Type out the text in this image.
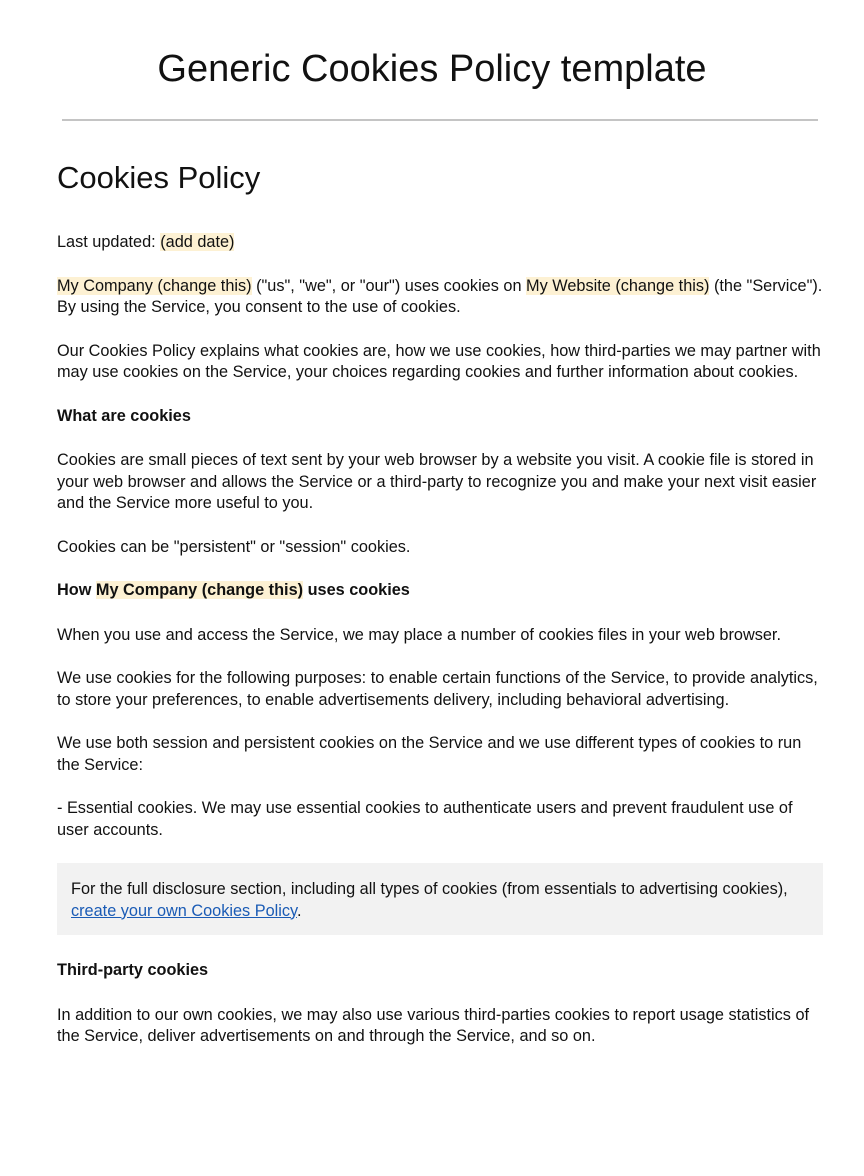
Generic Cookies Policy template
Cookies Policy

Last updated: (add date)

My Company (change this) ("us", "we", or "our") uses cookies on My Website (change this) (the "Service"). By using the Service, you consent to the use of cookies.

Our Cookies Policy explains what cookies are, how we use cookies, how third-parties we may partner with may use cookies on the Service, your choices regarding cookies and further information about cookies.

What are cookies

Cookies are small pieces of text sent by your web browser by a website you visit. A cookie file is stored in your web browser and allows the Service or a third-party to recognize you and make your next visit easier and the Service more useful to you.

Cookies can be "persistent" or "session" cookies.

How My Company (change this) uses cookies

When you use and access the Service, we may place a number of cookies files in your web browser.

We use cookies for the following purposes: to enable certain functions of the Service, to provide analytics, to store your preferences, to enable advertisements delivery, including behavioral advertising.

We use both session and persistent cookies on the Service and we use different types of cookies to run the Service:

- Essential cookies. We may use essential cookies to authenticate users and prevent fraudulent use of user accounts.

For the full disclosure section, including all types of cookies (from essentials to advertising cookies), create your own Cookies Policy.

Third-party cookies

In addition to our own cookies, we may also use various third-parties cookies to report usage statistics of the Service, deliver advertisements on and through the Service, and so on.
